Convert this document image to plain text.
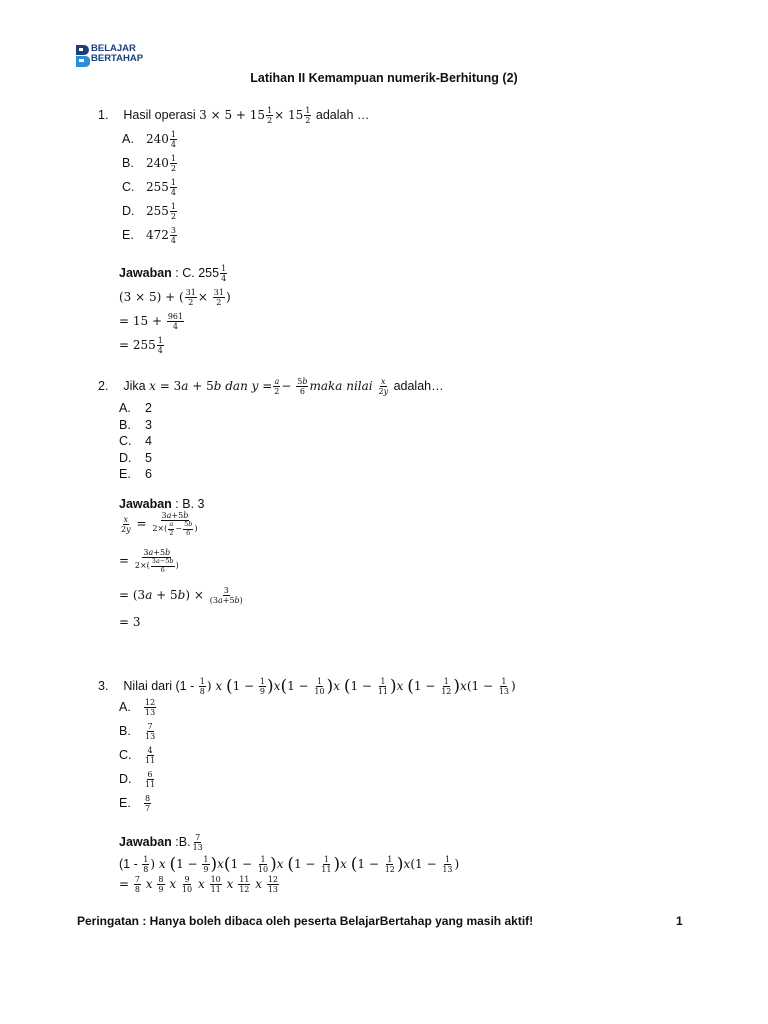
BELAJAR
BERTAHAP
Latihan II Kemampuan numerik-Berhitung (2)
1. Hasil operasi $3 \times 5 + 15 \frac{1}{2} \times 15 \frac{1}{2}$ adalah …
A. $240 \frac{1}{4}$
B. $240 \frac{1}{2}$
C. $255 \frac{1}{4}$
D. $255 \frac{1}{2}$
E. $472 \frac{3}{4}$
Jawaban : C. $255 \frac{1}{4}$
(3 × 5) + ( $\frac{31}{2} \times \frac{31}{2}$ )
= $15 + \frac{961}{4}$
= $255 \frac{1}{4}$
2. Jika x = 3a + 5b dan $y = \frac{a}{2} - \frac{5b}{6}$ maka nilai $\frac{x}{2y}$ adalah…
A. 2
B. 3
C. 4
D. 5
E. 6
Jawaban : B. 3
$\frac{x}{2y} = \frac{3a+5b}{2\times( \frac{a}{2} - \frac{5b}{6} )}$
= $\frac{3a+5b}{2\times( \frac{3a-5b}{6} )}$
= $(3a + 5b) \times \frac{3}{(3a+5b)}$
= 3
3. Nilai dari ($1 - \frac{1}{8}$ ) x $(1 - \frac{1}{9} )x(1 - \frac{1}{10} )x$ $(1 - \frac{1}{11} )x$ $(1 - \frac{1}{12} )x(1 - \frac{1}{13}$ )
A. $\frac{12}{13}$
B. $\frac{7}{13}$
C. $\frac{4}{11}$
D. $\frac{6}{11}$
E. $\frac{8}{7}$
Jawaban :B. $\frac{7}{13}$
($1 - \frac{1}{8}$ ) x $(1 - \frac{1}{9} )x(1 - \frac{1}{10} )x$ $(1 - \frac{1}{11} )x$ $(1 - \frac{1}{12} )x(1 - \frac{1}{13}$ )
= $\frac{7}{8}$ x $\frac{8}{9}$ x $\frac{9}{10}$ x $\frac{10}{11}$ x $\frac{11}{12}$ x $\frac{12}{13}$
Peringatan : Hanya boleh dibaca oleh peserta BelajarBertahap yang masih aktif!	1
